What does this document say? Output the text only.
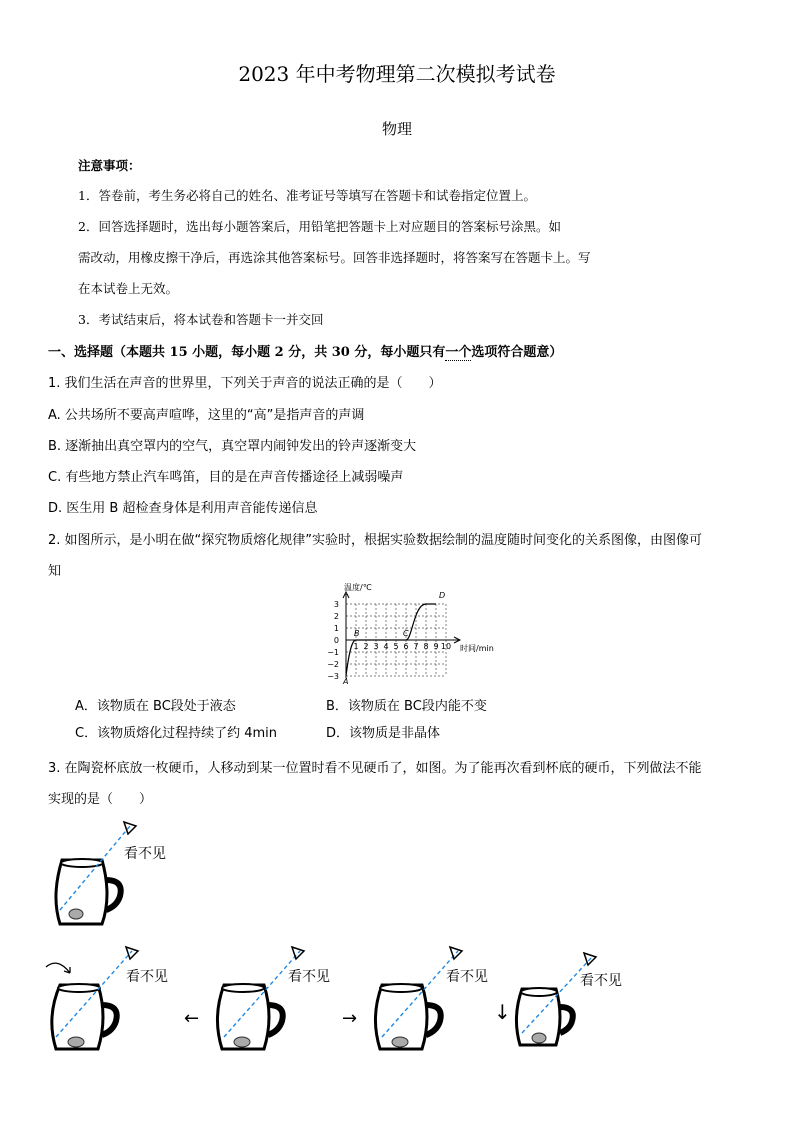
2023 年中考物理第二次模拟考试卷
物理
注意事项：
1．答卷前，考生务必将自己的姓名、准考证号等填写在答题卡和试卷指定位置上。
2．回答选择题时，选出每小题答案后，用铅笔把答题卡上对应题目的答案标号涂黑。如
需改动，用橡皮擦干净后，再选涂其他答案标号。回答非选择题时，将答案写在答题卡上。写
在本试卷上无效。
3．考试结束后，将本试卷和答题卡一并交回
一、选择题（本题共 15 小题，每小题 2 分，共 30 分，每小题只有一个选项符合题意）
1. 我们生活在声音的世界里，下列关于声音的说法正确的是（　　）
A. 公共场所不要高声喧哗，这里的“高”是指声音的声调
B. 逐渐抽出真空罩内的空气，真空罩内闹钟发出的铃声逐渐变大
C. 有些地方禁止汽车鸣笛，目的是在声音传播途径上减弱噪声
D. 医生用 B 超检查身体是利用声音能传递信息
2. 如图所示，是小明在做“探究物质熔化规律”实验时，根据实验数据绘制的温度随时间变化的关系图像，由图像可
知
3
2
1
0
−1
−2
−3
1 2 3 4 5 6 7 8 9 10
温度/℃
时间/min
A
B	C
D
A．该物质在 BC段处于液态	B．该物质在 BC段内能不变
C．该物质熔化过程持续了约 4min	D．该物质是非晶体
3. 在陶瓷杯底放一枚硬币，人移动到某一位置时看不见硬币了，如图。为了能再次看到杯底的硬币，下列做法不能
实现的是（　　）
看不见
看不见
←
看不见
→
看不见
↓
看不见
